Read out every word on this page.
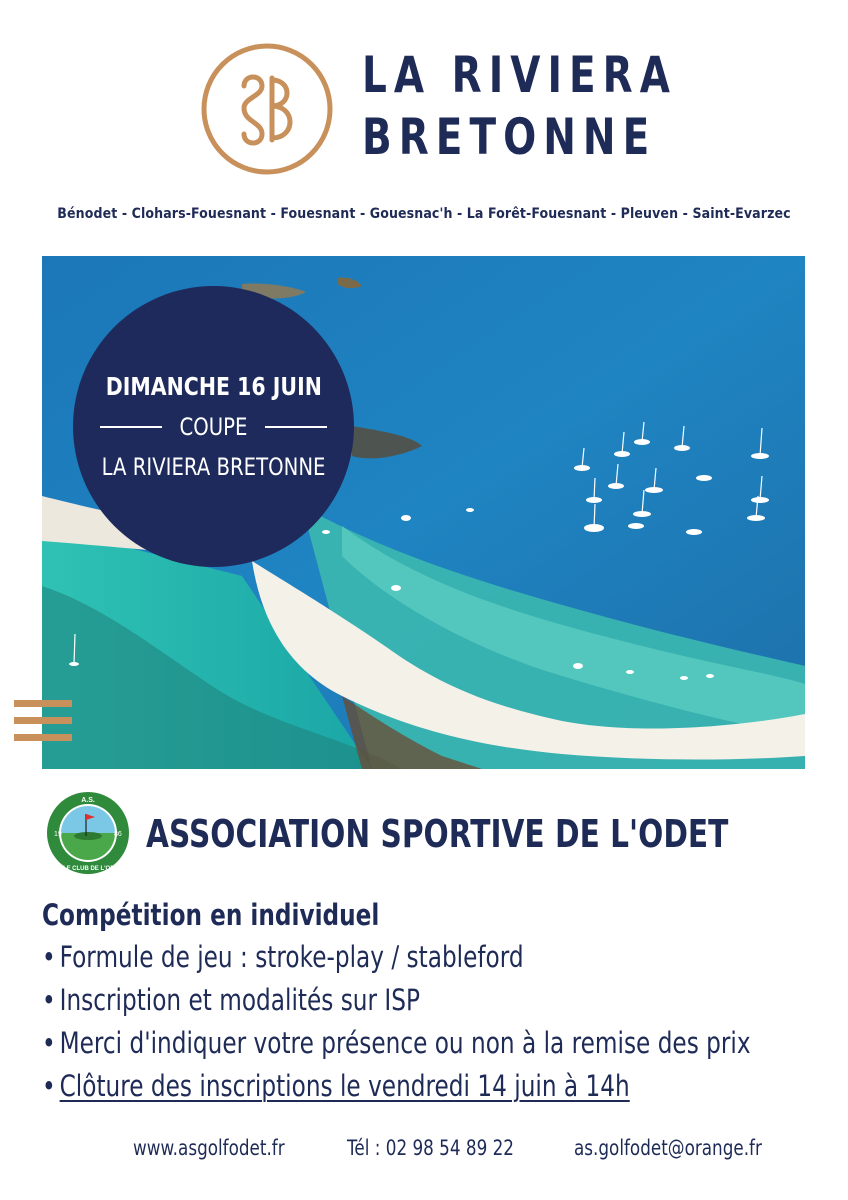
LA RIVIERA
BRETONNE
Bénodet - Clohars-Fouesnant - Fouesnant - Gouesnac'h - La Forêt-Fouesnant - Pleuven - Saint-Evarzec
DIMANCHE 16 JUIN
COUPE
LA RIVIERA BRETONNE
A.S.
19	86
GOLF CLUB DE L'ODET
ASSOCIATION SPORTIVE DE L'ODET
Compétition en individuel
• Formule de jeu : stroke-play / stableford
• Inscription et modalités sur ISP
• Merci d'indiquer votre présence ou non à la remise des prix
• Clôture des inscriptions le vendredi 14 juin à 14h
www.asgolfodet.fr	Tél : 02 98 54 89 22	as.golfodet@orange.fr
